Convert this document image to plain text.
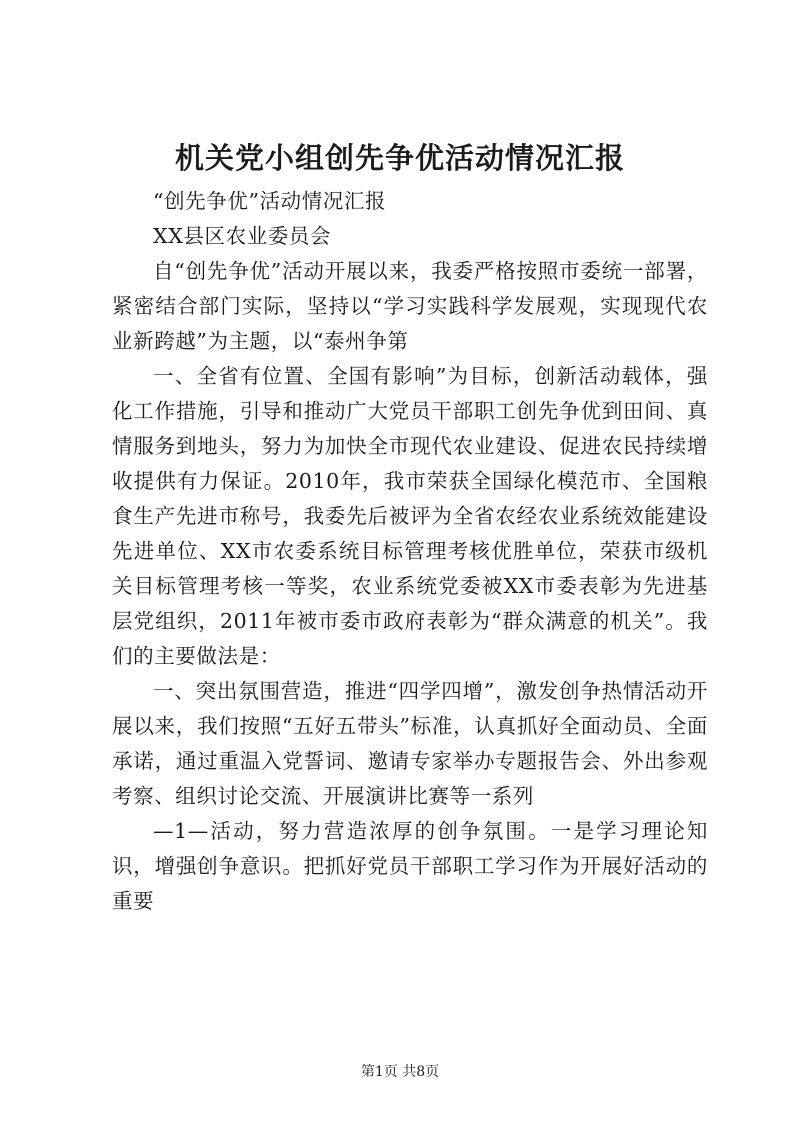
机关党小组创先争优活动情况汇报

“创先争优”活动情况汇报

XX县区农业委员会

自“创先争优”活动开展以来，我委严格按照市委统一部署，紧密结合部门实际，坚持以“学习实践科学发展观，实现现代农业新跨越”为主题，以“泰州争第

一、全省有位置、全国有影响”为目标，创新活动载体，强化工作措施，引导和推动广大党员干部职工创先争优到田间、真情服务到地头，努力为加快全市现代农业建设、促进农民持续增收提供有力保证。2010年，我市荣获全国绿化模范市、全国粮食生产先进市称号，我委先后被评为全省农经农业系统效能建设先进单位、XX市农委系统目标管理考核优胜单位，荣获市级机关目标管理考核一等奖，农业系统党委被XX市委表彰为先进基层党组织，2011年被市委市政府表彰为“群众满意的机关”。我们的主要做法是：

一、突出氛围营造，推进“四学四增”，激发创争热情活动开展以来，我们按照“五好五带头”标准，认真抓好全面动员、全面承诺，通过重温入党誓词、邀请专家举办专题报告会、外出参观考察、组织讨论交流、开展演讲比赛等一系列

—1—活动，努力营造浓厚的创争氛围。一是学习理论知识，增强创争意识。把抓好党员干部职工学习作为开展好活动的重要

第1页 共8页
